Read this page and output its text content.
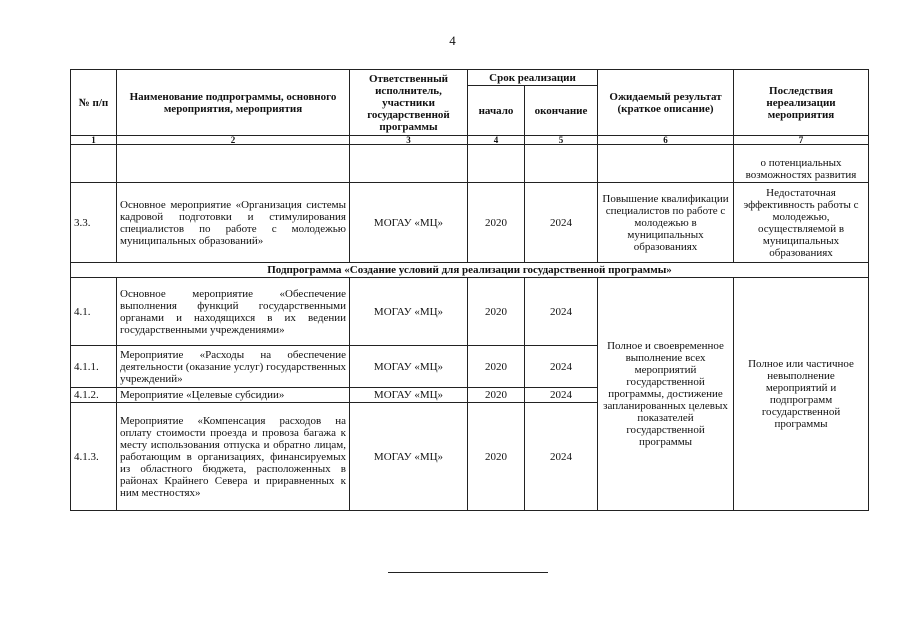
4
№ п/п	Наименование подпрограммы, основного мероприятия, мероприятия	Ответственный исполнитель, участники государственной программы	Срок реализации		Ожидаемый результат (краткое описание)	Последствия нереализации мероприятия
			начало	окончание		
1	2	3	4	5	6	7
						о потенциальных возможностях развития
3.3.	Основное мероприятие «Организация системы кадровой подготовки и стимулирования специалистов по работе с молодежью муниципальных образований»	МОГАУ «МЦ»	2020	2024	Повышение квалификации специалистов по работе с молодежью в муниципальных образованиях	Недостаточная эффективность работы с молодежью, осуществляемой в муниципальных образованиях
Подпрограмма «Создание условий для реализации государственной программы»						
4.1.	Основное мероприятие «Обеспечение выполнения функций государственными органами и находящихся в их ведении государственными учреждениями»	МОГАУ «МЦ»	2020	2024	Полное и своевременное выполнение всех мероприятий государственной программы, достижение запланированных целевых показателей государственной программы	Полное или частичное невыполнение мероприятий и подпрограмм государственной программы
4.1.1.	Мероприятие «Расходы на обеспечение деятельности (оказание услуг) государственных учреждений»	МОГАУ «МЦ»	2020	2024		
4.1.2.	Мероприятие «Целевые субсидии»	МОГАУ «МЦ»	2020	2024		
4.1.3.	Мероприятие «Компенсация расходов на оплату стоимости проезда и провоза багажа к месту использования отпуска и обратно лицам, работающим в организациях, финансируемых из областного бюджета, расположенных в районах Крайнего Севера и приравненных к ним местностях»	МОГАУ «МЦ»	2020	2024		
